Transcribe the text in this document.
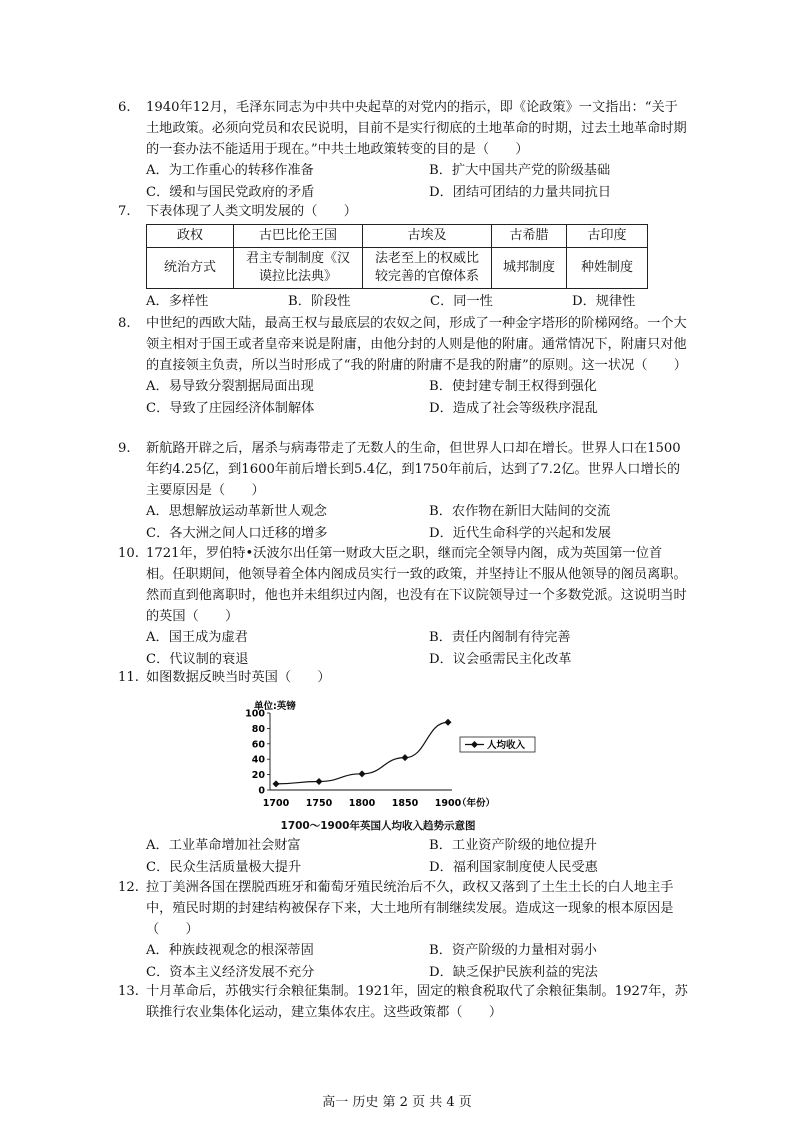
6. 1940年12月，毛泽东同志为中共中央起草的对党内的指示，即《论政策》一文指出：“关于土地政策。必须向党员和农民说明，目前不是实行彻底的土地革命的时期，过去土地革命时期的一套办法不能适用于现在。”中共土地政策转变的目的是（　　）
A．为工作重心的转移作准备	B．扩大中国共产党的阶级基础
C．缓和与国民党政府的矛盾	D．团结可团结的力量共同抗日
7. 下表体现了人类文明发展的（　　）
政权	古巴比伦王国	古埃及	古希腊	古印度
统治方式	君主专制制度《汉谟拉比法典》	法老至上的权威比较完善的官僚体系	城邦制度	种姓制度
A．多样性	B．阶段性	C．同一性	D．规律性
8. 中世纪的西欧大陆，最高王权与最底层的农奴之间，形成了一种金字塔形的阶梯网络。一个大领主相对于国王或者皇帝来说是附庸，由他分封的人则是他的附庸。通常情况下，附庸只对他的直接领主负责，所以当时形成了“我的附庸的附庸不是我的附庸”的原则。这一状况（　　）
A．易导致分裂割据局面出现	B．使封建专制王权得到强化
C．导致了庄园经济体制解体	D．造成了社会等级秩序混乱
9. 新航路开辟之后，屠杀与病毒带走了无数人的生命，但世界人口却在增长。世界人口在1500年约4.25亿，到1600年前后增长到5.4亿，到1750年前后，达到了7.2亿。世界人口增长的主要原因是（　　）
A．思想解放运动革新世人观念	B．农作物在新旧大陆间的交流
C．各大洲之间人口迁移的增多	D．近代生命科学的兴起和发展
10. 1721年，罗伯特•沃波尔出任第一财政大臣之职，继而完全领导内阁，成为英国第一位首相。任职期间，他领导着全体内阁成员实行一致的政策，并坚持让不服从他领导的阁员离职。然而直到他离职时，他也并未组织过内阁，也没有在下议院领导过一个多数党派。这说明当时的英国（　　）
A．国王成为虚君	B．责任内阁制有待完善
C．代议制的衰退	D．议会亟需民主化改革
11. 如图数据反映当时英国（　　）
单位:英镑
0
20
40
60
80
100
1700 1750 1800 1850 1900
（年份）
人均收入
1700～1900年英国人均收入趋势示意图
A．工业革命增加社会财富	B．工业资产阶级的地位提升
C．民众生活质量极大提升	D．福利国家制度使人民受惠
12. 拉丁美洲各国在摆脱西班牙和葡萄牙殖民统治后不久，政权又落到了土生土长的白人地主手中，殖民时期的封建结构被保存下来，大土地所有制继续发展。造成这一现象的根本原因是（　　）
A．种族歧视观念的根深蒂固	B．资产阶级的力量相对弱小
C．资本主义经济发展不充分	D．缺乏保护民族利益的宪法
13. 十月革命后，苏俄实行余粮征集制。1921年，固定的粮食税取代了余粮征集制。1927年，苏联推行农业集体化运动，建立集体农庄。这些政策都（　　）
高一 历史 第 2 页 共 4 页
